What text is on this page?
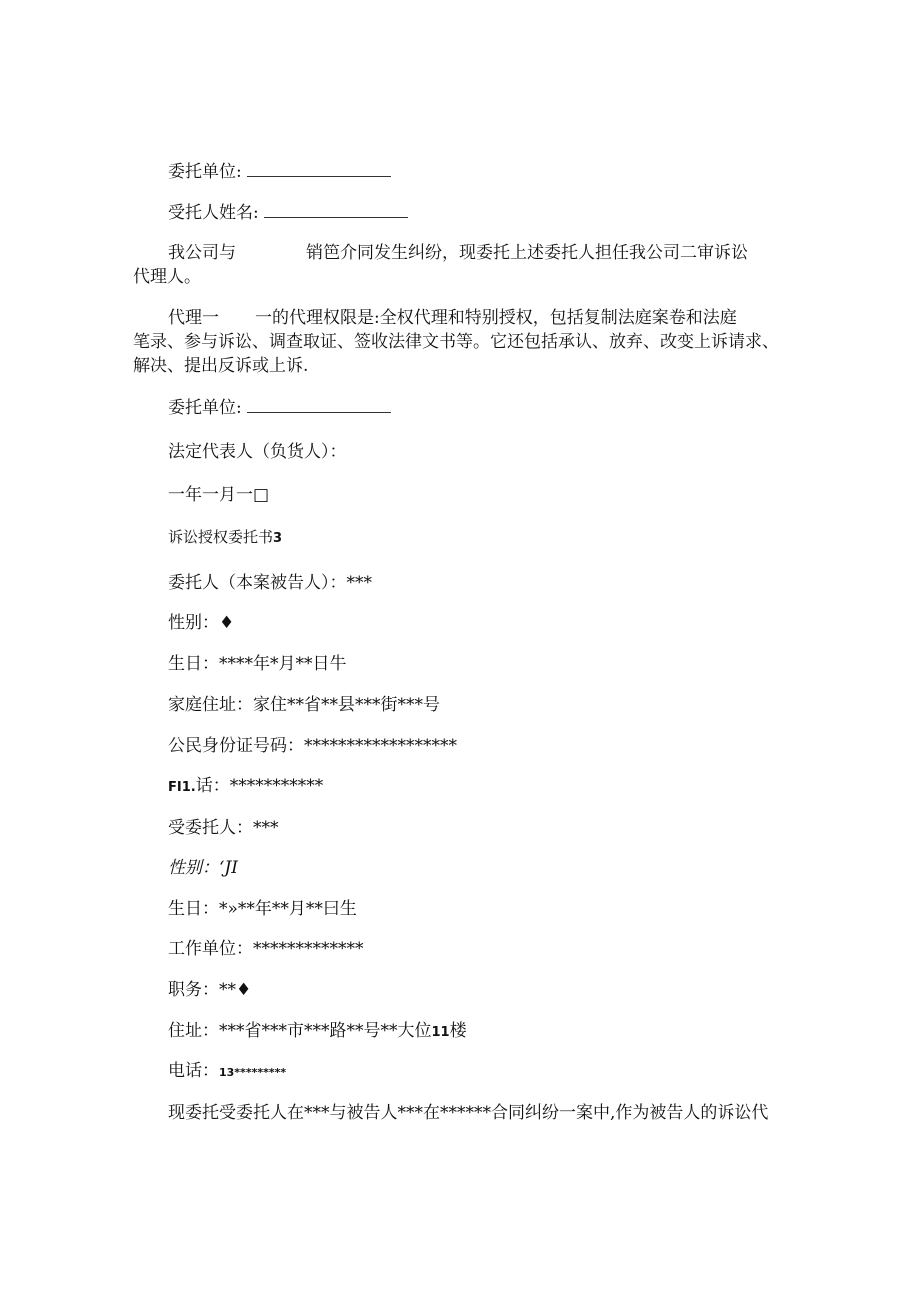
委托单位:
受托人姓名:
我公司与	销笆介同发生纠纷，现委托上述委托人担任我公司二审诉讼
代理人。
代理一 一的代理权限是:全权代理和特别授权，包括复制法庭案卷和法庭
笔录、参与诉讼、调查取证、签收法律文书等。它还包括承认、放弃、改变上诉请求、
解决、提出反诉或上诉.
委托单位:
法定代表人（负货人）：
一年一月一□
诉讼授权委托书3
委托人（本案被告人）：***
性别：♦
生日：****年*月**日牛
家庭住址：家住**省**县***街***号
公民身份证号码：******************
FI1.话：***********
受委托人：***
性别：ʻJI
生日：*»**年**月**曰生
工作单位：*************
职务：**♦
住址：***省***市***路**号**大位11楼
电话：13*********
现委托受委托人在***与被告人***在******合同纠纷一案中,作为被告人的诉讼代
